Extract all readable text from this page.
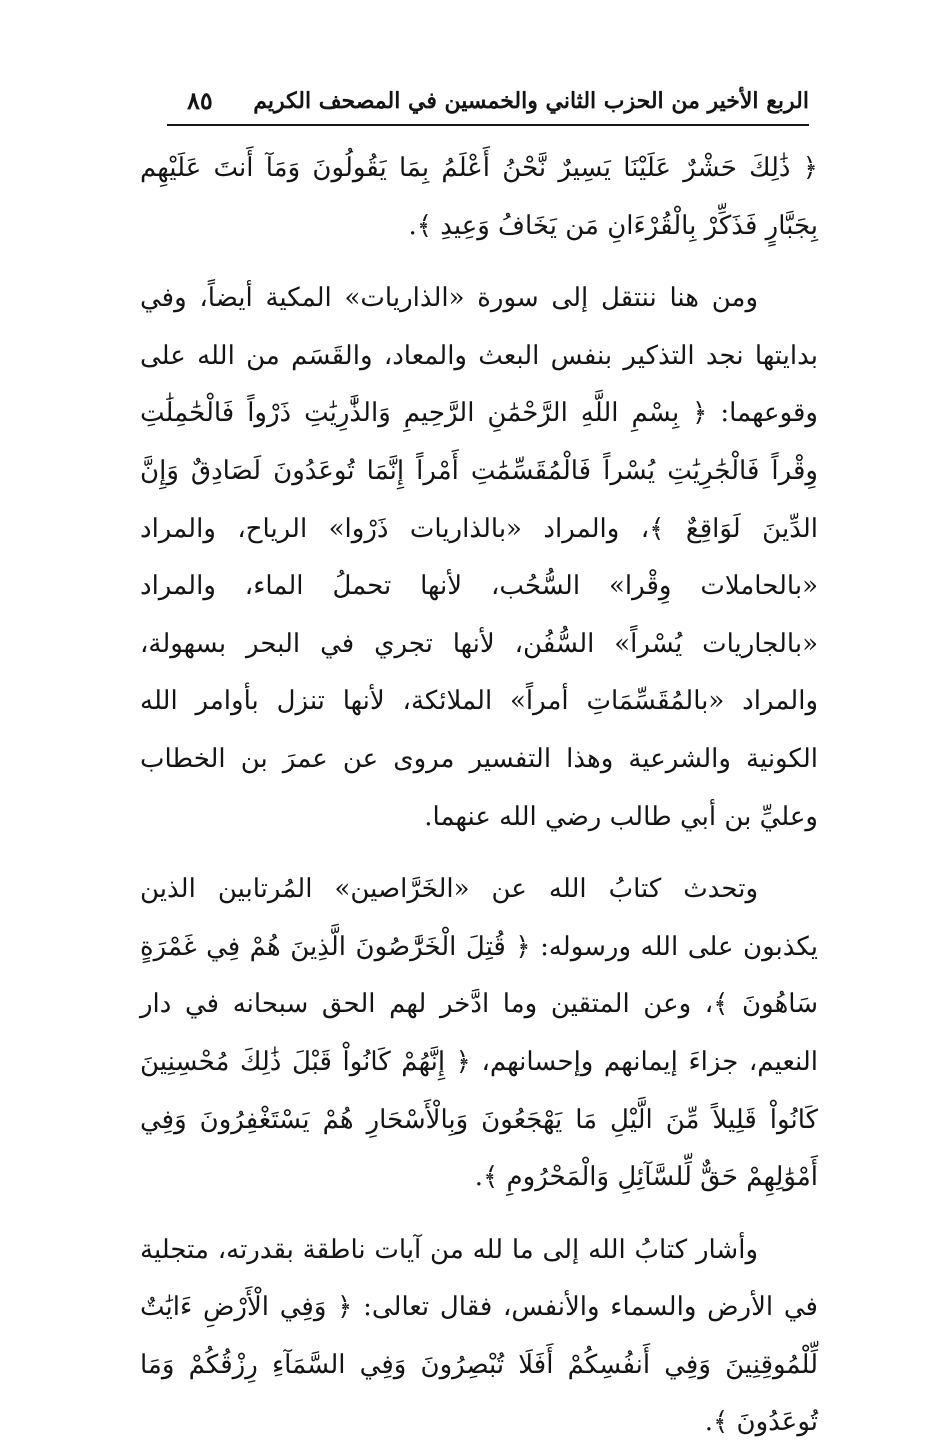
الربع الأخير من الحزب الثاني والخمسين في المصحف الكريم
٨٥

﴿ ذَٰلِكَ حَشْرٌ عَلَيْنَا يَسِيرٌ نَّحْنُ أَعْلَمُ بِمَا يَقُولُونَ وَمَآ أَنتَ عَلَيْهِم بِجَبَّارٍ فَذَكِّرْ بِالْقُرْءَانِ مَن يَخَافُ وَعِيدِ ﴾.

ومن هنا ننتقل إلى سورة «الذاريات» المكية أيضاً، وفي بدايتها نجد التذكير بنفس البعث والمعاد، والقَسَم من الله على وقوعهما: ﴿ بِسْمِ اللَّهِ الرَّحْمَٰنِ الرَّحِيمِ وَالذَّٰرِيَٰتِ ذَرْواً فَالْحَٰمِلَٰتِ وِقْراً فَالْجَٰرِيَٰتِ يُسْراً فَالْمُقَسِّمَٰتِ أَمْراً إِنَّمَا تُوعَدُونَ لَصَادِقٌ وَإِنَّ الدِّينَ لَوَاقِعٌ ﴾، والمراد «بالذاريات ذَرْوا» الرياح، والمراد «بالحاملات وِقْرا» السُّحُب، لأنها تحملُ الماء، والمراد «بالجاريات يُسْراً» السُّفُن، لأنها تجري في البحر بسهولة، والمراد «بالمُقَسِّمَاتِ أمراً» الملائكة، لأنها تنزل بأوامر الله الكونية والشرعية وهذا التفسير مروى عن عمرَ بن الخطاب وعليِّ بن أبي طالب رضي الله عنهما.

وتحدث كتابُ الله عن «الخَرَّاصين» المُرتابين الذين يكذبون على الله ورسوله: ﴿ قُتِلَ الْخَرَّٰصُونَ الَّذِينَ هُمْ فِي غَمْرَةٍ سَاهُونَ ﴾، وعن المتقين وما ادَّخر لهم الحق سبحانه في دار النعيم، جزاءَ إيمانهم وإحسانهم، ﴿ إِنَّهُمْ كَانُواْ قَبْلَ ذَٰلِكَ مُحْسِنِينَ كَانُواْ قَلِيلاً مِّنَ الَّيْلِ مَا يَهْجَعُونَ وَبِالْأَسْحَارِ هُمْ يَسْتَغْفِرُونَ وَفِي أَمْوَٰلِهِمْ حَقٌّ لِّلسَّآئِلِ وَالْمَحْرُومِ ﴾.

وأشار كتابُ الله إلى ما لله من آيات ناطقة بقدرته، متجلية في الأرض والسماء والأنفس، فقال تعالى: ﴿ وَفِي الْأَرْضِ ءَايَٰتٌ لِّلْمُوقِنِينَ وَفِي أَنفُسِكُمْ أَفَلَا تُبْصِرُونَ وَفِي السَّمَآءِ رِزْقُكُمْ وَمَا تُوعَدُونَ ﴾.
